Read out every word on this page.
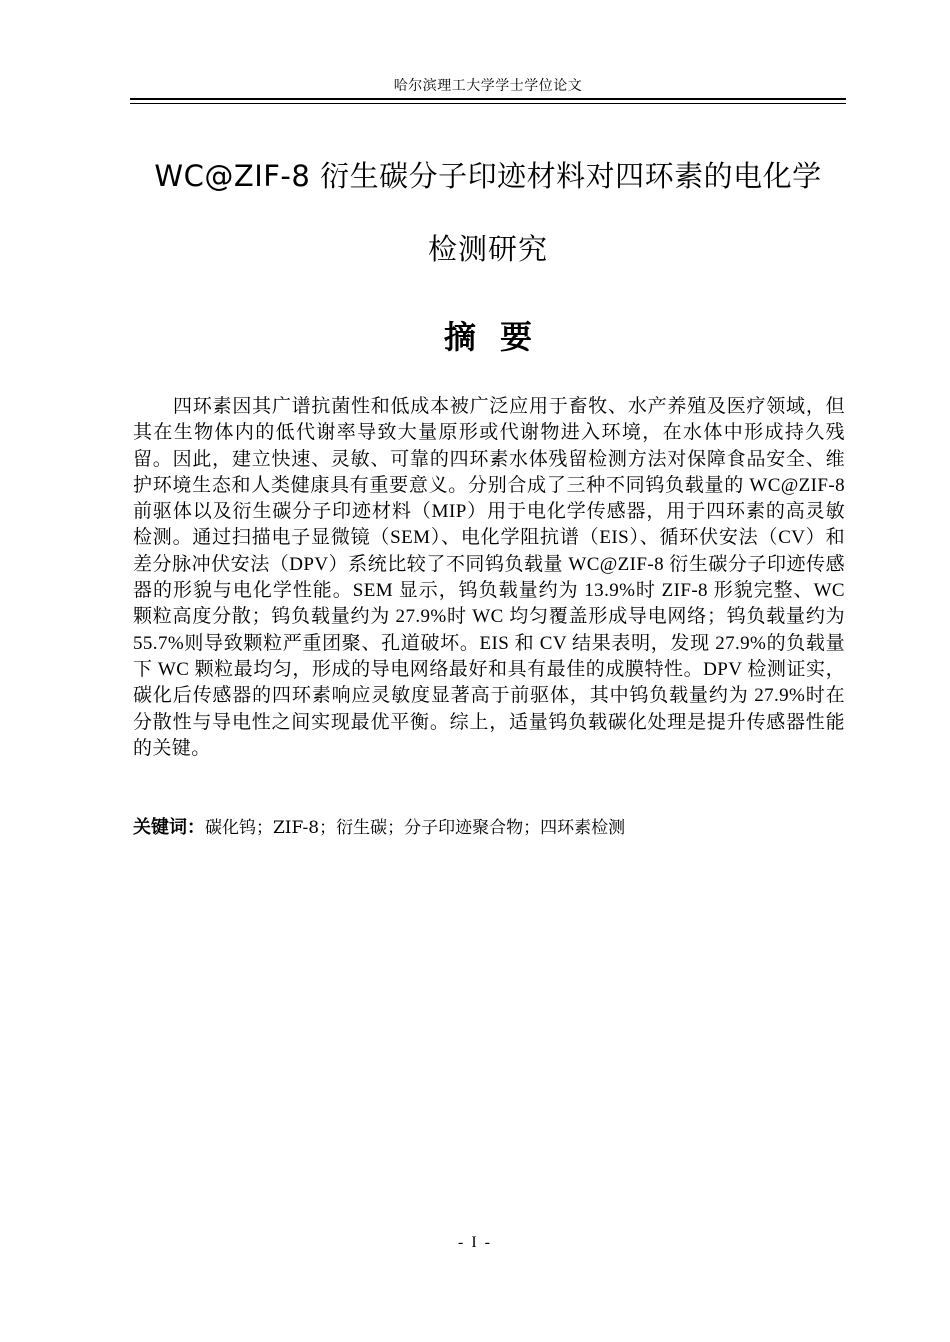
哈尔滨理工大学学士学位论文
WC@ZIF-8 衍生碳分子印迹材料对四环素的电化学
检测研究
摘要

四环素因其广谱抗菌性和低成本被广泛应用于畜牧、水产养殖及医疗领域，但其在生物体内的低代谢率导致大量原形或代谢物进入环境，在水体中形成持久残留。因此，建立快速、灵敏、可靠的四环素水体残留检测方法对保障食品安全、维护环境生态和人类健康具有重要意义。分别合成了三种不同钨负载量的 WC@ZIF-8 前驱体以及衍生碳分子印迹材料（MIP）用于电化学传感器，用于四环素的高灵敏检测。通过扫描电子显微镜（SEM）、电化学阻抗谱（EIS）、循环伏安法（CV）和差分脉冲伏安法（DPV）系统比较了不同钨负载量 WC@ZIF-8 衍生碳分子印迹传感器的形貌与电化学性能。SEM 显示，钨负载量约为 13.9%时 ZIF-8 形貌完整、WC 颗粒高度分散；钨负载量约为 27.9%时 WC 均匀覆盖形成导电网络；钨负载量约为 55.7%则导致颗粒严重团聚、孔道破坏。EIS 和 CV 结果表明，发现 27.9%的负载量下 WC 颗粒最均匀，形成的导电网络最好和具有最佳的成膜特性。DPV 检测证实，碳化后传感器的四环素响应灵敏度显著高于前驱体，其中钨负载量约为 27.9%时在分散性与导电性之间实现最优平衡。综上，适量钨负载碳化处理是提升传感器性能的关键。

关键词：碳化钨；ZIF-8；衍生碳；分子印迹聚合物；四环素检测

- I -
